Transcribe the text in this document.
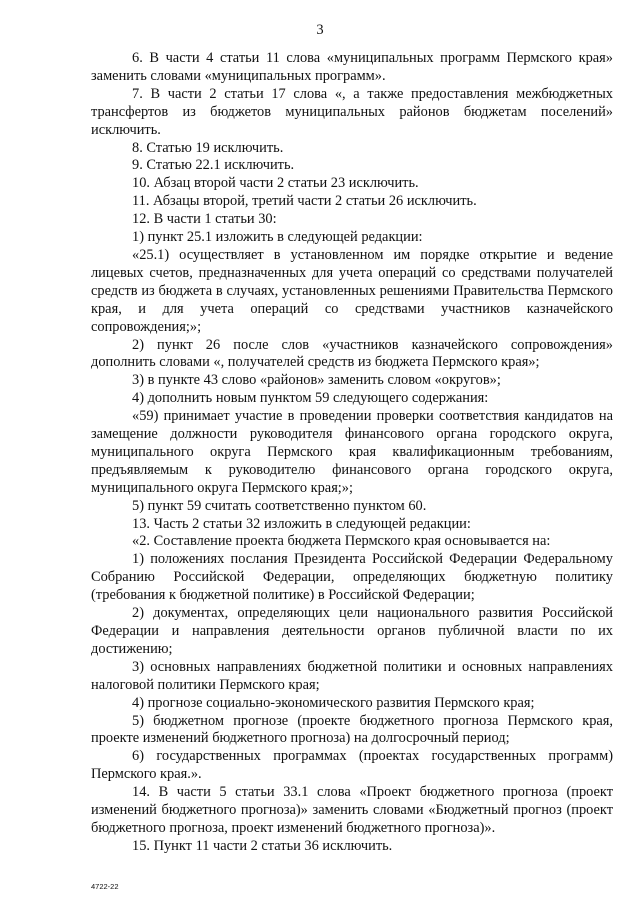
3

6. В части 4 статьи 11 слова «муниципальных программ Пермского края» заменить словами «муниципальных программ».

7. В части 2 статьи 17 слова «, а также предоставления межбюджетных трансфертов из бюджетов муниципальных районов бюджетам поселений» исключить.

8. Статью 19 исключить.

9. Статью 22.1 исключить.

10. Абзац второй части 2 статьи 23 исключить.

11. Абзацы второй, третий части 2 статьи 26 исключить.

12. В части 1 статьи 30:

1) пункт 25.1 изложить в следующей редакции:

«25.1) осуществляет в установленном им порядке открытие и ведение лицевых счетов, предназначенных для учета операций со средствами получателей средств из бюджета в случаях, установленных решениями Правительства Пермского края, и для учета операций со средствами участников казначейского сопровождения;»;

2) пункт 26 после слов «участников казначейского сопровождения» дополнить словами «, получателей средств из бюджета Пермского края»;

3) в пункте 43 слово «районов» заменить словом «округов»;

4) дополнить новым пунктом 59 следующего содержания:

«59) принимает участие в проведении проверки соответствия кандидатов на замещение должности руководителя финансового органа городского округа, муниципального округа Пермского края квалификационным требованиям, предъявляемым к руководителю финансового органа городского округа, муниципального округа Пермского края;»;

5) пункт 59 считать соответственно пунктом 60.

13. Часть 2 статьи 32 изложить в следующей редакции:

«2. Составление проекта бюджета Пермского края основывается на:

1) положениях послания Президента Российской Федерации Федеральному Собранию Российской Федерации, определяющих бюджетную политику (требования к бюджетной политике) в Российской Федерации;

2) документах, определяющих цели национального развития Российской Федерации и направления деятельности органов публичной власти по их достижению;

3) основных направлениях бюджетной политики и основных направлениях налоговой политики Пермского края;

4) прогнозе социально-экономического развития Пермского края;

5) бюджетном прогнозе (проекте бюджетного прогноза Пермского края, проекте изменений бюджетного прогноза) на долгосрочный период;

6) государственных программах (проектах государственных программ) Пермского края.».

14. В части 5 статьи 33.1 слова «Проект бюджетного прогноза (проект изменений бюджетного прогноза)» заменить словами «Бюджетный прогноз (проект бюджетного прогноза, проект изменений бюджетного прогноза)».

15. Пункт 11 части 2 статьи 36 исключить.

4722-22
